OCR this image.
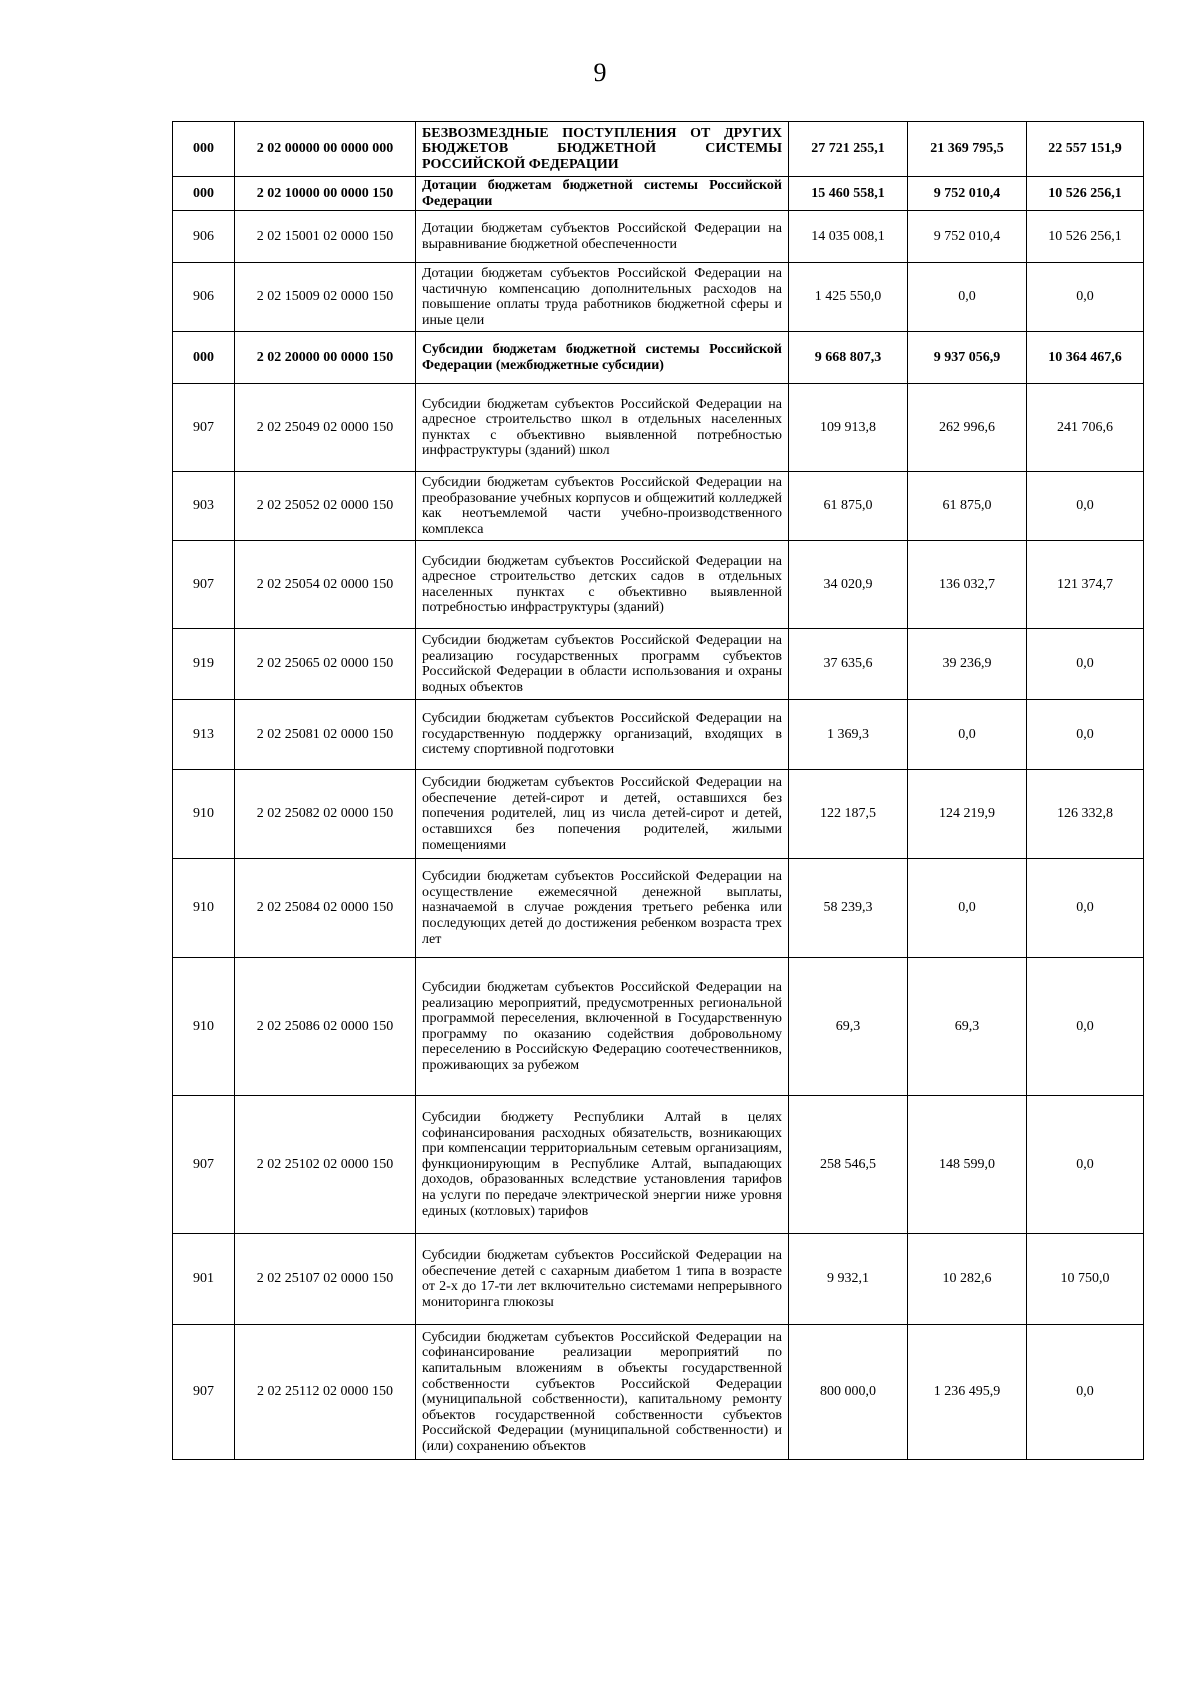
9
000	2 02 00000 00 0000 000	БЕЗВОЗМЕЗДНЫЕ ПОСТУПЛЕНИЯ ОТ ДРУГИХ БЮДЖЕТОВ БЮДЖЕТНОЙ СИСТЕМЫ РОССИЙСКОЙ ФЕДЕРАЦИИ	27 721 255,1	21 369 795,5	22 557 151,9
000	2 02 10000 00 0000 150	Дотации бюджетам бюджетной системы Российской Федерации	15 460 558,1	9 752 010,4	10 526 256,1
906	2 02 15001 02 0000 150	Дотации бюджетам субъектов Российской Федерации на выравнивание бюджетной обеспеченности	14 035 008,1	9 752 010,4	10 526 256,1
906	2 02 15009 02 0000 150	Дотации бюджетам субъектов Российской Федерации на частичную компенсацию дополнительных расходов на повышение оплаты труда работников бюджетной сферы и иные цели	1 425 550,0	0,0	0,0
000	2 02 20000 00 0000 150	Субсидии бюджетам бюджетной системы Российской Федерации (межбюджетные субсидии)	9 668 807,3	9 937 056,9	10 364 467,6
907	2 02 25049 02 0000 150	Субсидии бюджетам субъектов Российской Федерации на адресное строительство школ в отдельных населенных пунктах с объективно выявленной потребностью инфраструктуры (зданий) школ	109 913,8	262 996,6	241 706,6
903	2 02 25052 02 0000 150	Субсидии бюджетам субъектов Российской Федерации на преобразование учебных корпусов и общежитий колледжей как неотъемлемой части учебно-производственного комплекса	61 875,0	61 875,0	0,0
907	2 02 25054 02 0000 150	Субсидии бюджетам субъектов Российской Федерации на адресное строительство детских садов в отдельных населенных пунктах с объективно выявленной потребностью инфраструктуры (зданий)	34 020,9	136 032,7	121 374,7
919	2 02 25065 02 0000 150	Субсидии бюджетам субъектов Российской Федерации на реализацию государственных программ субъектов Российской Федерации в области использования и охраны водных объектов	37 635,6	39 236,9	0,0
913	2 02 25081 02 0000 150	Субсидии бюджетам субъектов Российской Федерации на государственную поддержку организаций, входящих в систему спортивной подготовки	1 369,3	0,0	0,0
910	2 02 25082 02 0000 150	Субсидии бюджетам субъектов Российской Федерации на обеспечение детей-сирот и детей, оставшихся без попечения родителей, лиц из числа детей-сирот и детей, оставшихся без попечения родителей, жилыми помещениями	122 187,5	124 219,9	126 332,8
910	2 02 25084 02 0000 150	Субсидии бюджетам субъектов Российской Федерации на осуществление ежемесячной денежной выплаты, назначаемой в случае рождения третьего ребенка или последующих детей до достижения ребенком возраста трех лет	58 239,3	0,0	0,0
910	2 02 25086 02 0000 150	Субсидии бюджетам субъектов Российской Федерации на реализацию мероприятий, предусмотренных региональной программой переселения, включенной в Государственную программу по оказанию содействия добровольному переселению в Российскую Федерацию соотечественников, проживающих за рубежом	69,3	69,3	0,0
907	2 02 25102 02 0000 150	Субсидии бюджету Республики Алтай в целях софинансирования расходных обязательств, возникающих при компенсации территориальным сетевым организациям, функционирующим в Республике Алтай, выпадающих доходов, образованных вследствие установления тарифов на услуги по передаче электрической энергии ниже уровня единых (котловых) тарифов	258 546,5	148 599,0	0,0
901	2 02 25107 02 0000 150	Субсидии бюджетам субъектов Российской Федерации на обеспечение детей с сахарным диабетом 1 типа в возрасте от 2-х до 17-ти лет включительно системами непрерывного мониторинга глюкозы	9 932,1	10 282,6	10 750,0
907	2 02 25112 02 0000 150	Субсидии бюджетам субъектов Российской Федерации на софинансирование реализации мероприятий по капитальным вложениям в объекты государственной собственности субъектов Российской Федерации (муниципальной собственности), капитальному ремонту объектов государственной собственности субъектов Российской Федерации (муниципальной собственности) и (или) сохранению объектов	800 000,0	1 236 495,9	0,0
